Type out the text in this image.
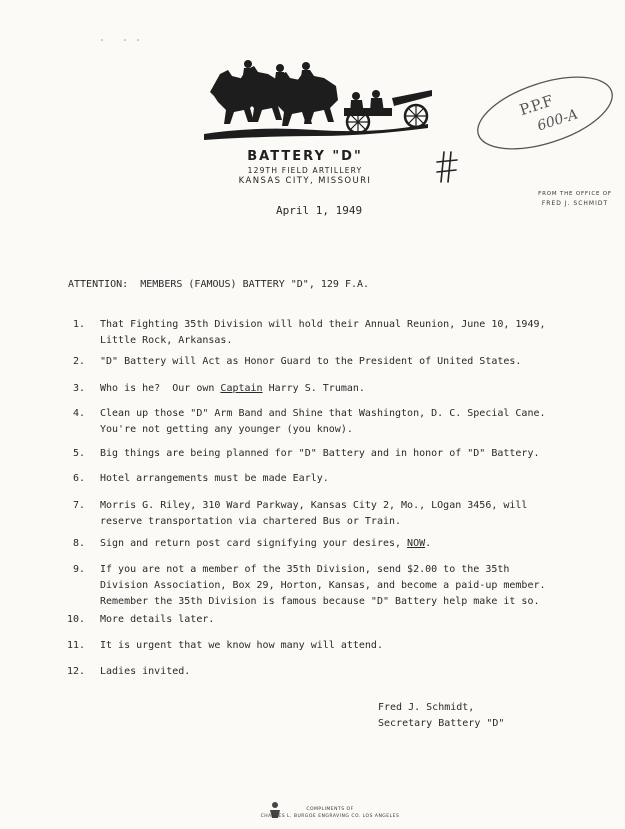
BATTERY "D"
129TH FIELD ARTILLERY
KANSAS CITY, MISSOURI
P.P.F
600-A
FROM THE OFFICE OF
FRED J. SCHMIDT
April 1, 1949
ATTENTION:  MEMBERS (FAMOUS) BATTERY "D", 129 F.A.
1. That Fighting 35th Division will hold their Annual Reunion, June 10, 1949,
Little Rock, Arkansas.
2. "D" Battery will Act as Honor Guard to the President of United States.
3. Who is he?  Our own Captain Harry S. Truman.
4. Clean up those "D" Arm Band and Shine that Washington, D. C. Special Cane.
You're not getting any younger (you know).
5. Big things are being planned for "D" Battery and in honor of "D" Battery.
6. Hotel arrangements must be made Early.
7. Morris G. Riley, 310 Ward Parkway, Kansas City 2, Mo., LOgan 3456, will
reserve transportation via chartered Bus or Train.
8. Sign and return post card signifying your desires, NOW.
9. If you are not a member of the 35th Division, send $2.00 to the 35th
Division Association, Box 29, Horton, Kansas, and become a paid-up member.
Remember the 35th Division is famous because "D" Battery help make it so.
10. More details later.
11. It is urgent that we know how many will attend.
12. Ladies invited.
Fred J. Schmidt,
Secretary Battery "D"
COMPLIMENTS OF
CHARLES L. BURGOE ENGRAVING CO. LOS ANGELES
